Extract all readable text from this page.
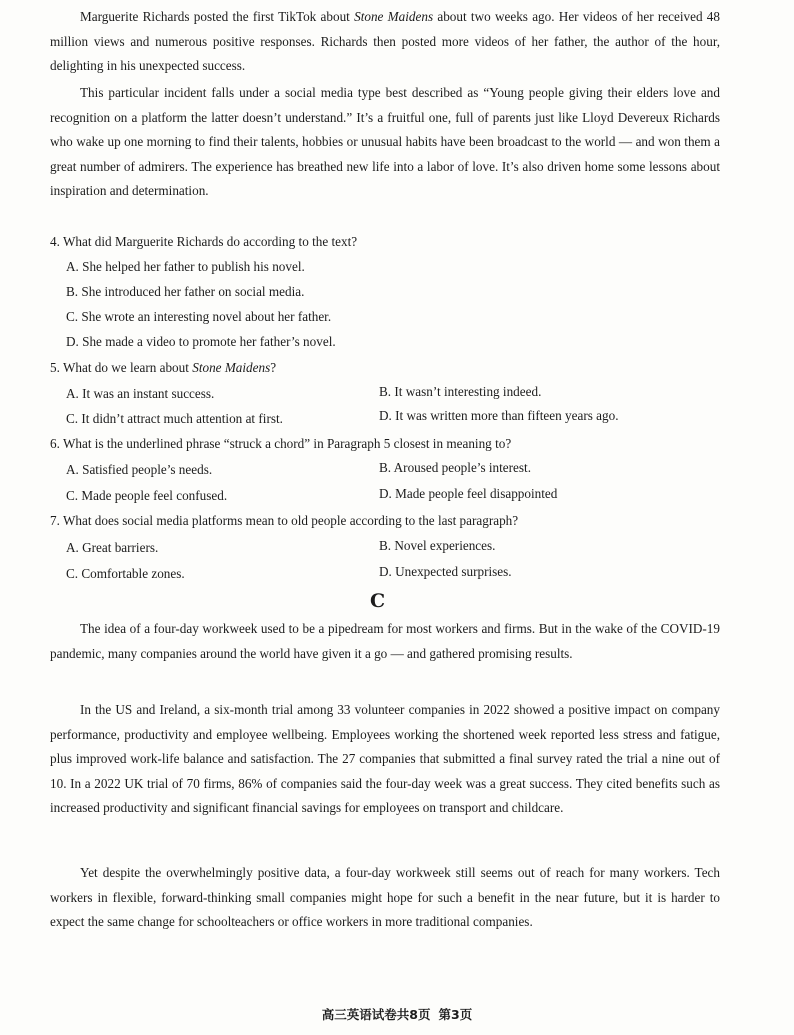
Marguerite Richards posted the first TikTok about Stone Maidens about two weeks ago. Her videos of her received 48 million views and numerous positive responses. Richards then posted more videos of her father, the author of the hour, delighting in his unexpected success.

This particular incident falls under a social media type best described as “Young people giving their elders love and recognition on a platform the latter doesn’t understand.” It’s a fruitful one, full of parents just like Lloyd Devereux Richards who wake up one morning to find their talents, hobbies or unusual habits have been broadcast to the world — and won them a great number of admirers. The experience has breathed new life into a labor of love. It’s also driven home some lessons about inspiration and determination.

4. What did Marguerite Richards do according to the text?

A. She helped her father to publish his novel.

B. She introduced her father on social media.

C. She wrote an interesting novel about her father.

D. She made a video to promote her father’s novel.

5. What do we learn about Stone Maidens?

A. It was an instant success.	B. It wasn’t interesting indeed.

C. It didn’t attract much attention at first.	D. It was written more than fifteen years ago.

6. What is the underlined phrase “struck a chord” in Paragraph 5 closest in meaning to?

A. Satisfied people’s needs.	B. Aroused people’s interest.

C. Made people feel confused.	D. Made people feel disappointed

7. What does social media platforms mean to old people according to the last paragraph?

A. Great barriers.	B. Novel experiences.

C. Comfortable zones.	D. Unexpected surprises.

C

The idea of a four-day workweek used to be a pipedream for most workers and firms. But in the wake of the COVID-19 pandemic, many companies around the world have given it a go — and gathered promising results.

In the US and Ireland, a six-month trial among 33 volunteer companies in 2022 showed a positive impact on company performance, productivity and employee wellbeing. Employees working the shortened week reported less stress and fatigue, plus improved work-life balance and satisfaction. The 27 companies that submitted a final survey rated the trial a nine out of 10. In a 2022 UK trial of 70 firms, 86% of companies said the four-day week was a great success. They cited benefits such as increased productivity and significant financial savings for employees on transport and childcare.

Yet despite the overwhelmingly positive data, a four-day workweek still seems out of reach for many workers. Tech workers in flexible, forward-thinking small companies might hope for such a benefit in the near future, but it is harder to expect the same change for schoolteachers or office workers in more traditional companies.

高三英语试卷共8页 第3页
